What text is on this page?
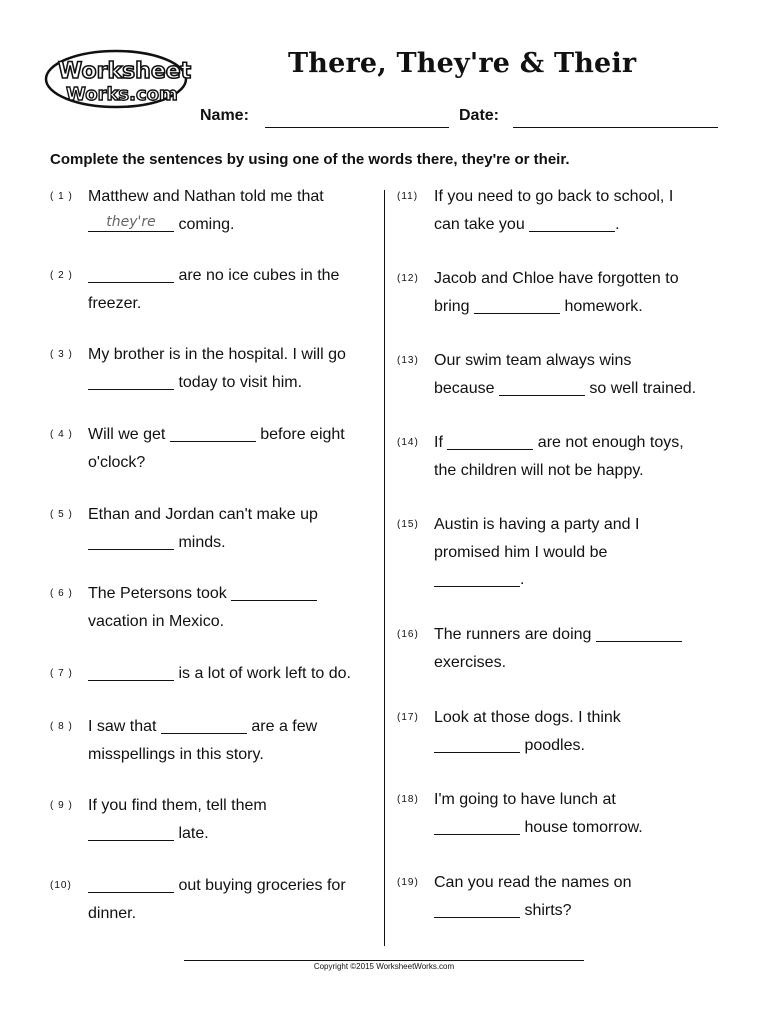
Worksheet
Works.com
There, They're & Their
Name:	Date:
Complete the sentences by using one of the words there, they're or their.
( 1 ) Matthew and Nathan told me that
they're	coming.
( 2 )	are no ice cubes in the
freezer.
( 3 ) My brother is in the hospital. I will go
today to visit him.
( 4 ) Will we get	before eight
o'clock?
( 5 ) Ethan and Jordan can't make up
minds.
( 6 ) The Petersons took
vacation in Mexico.
( 7 )	is a lot of work left to do.
( 8 ) I saw that	are a few
misspellings in this story.
( 9 ) If you find them, tell them
late.
(10)	out buying groceries for
dinner.
(11) If you need to go back to school, I
can take you	.
(12) Jacob and Chloe have forgotten to
bring	homework.
(13) Our swim team always wins
because	so well trained.
(14) If	are not enough toys,
the children will not be happy.
(15) Austin is having a party and I
promised him I would be
.
(16) The runners are doing
exercises.
(17) Look at those dogs. I think
poodles.
(18) I'm going to have lunch at
house tomorrow.
(19) Can you read the names on
shirts?
Copyright ©2015 WorksheetWorks.com
